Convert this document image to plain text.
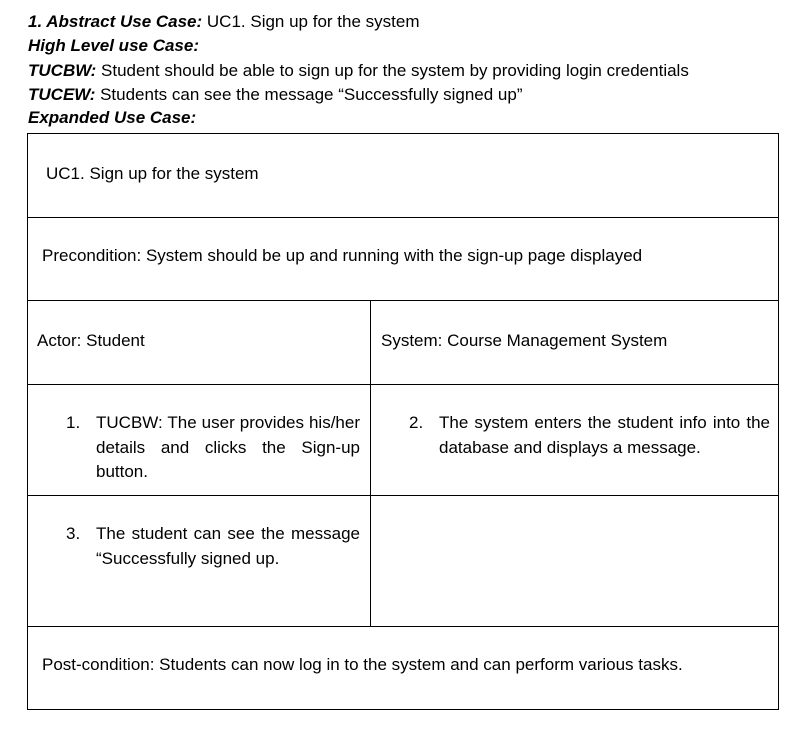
1. Abstract Use Case: UC1. Sign up for the system
High Level use Case:
TUCBW: Student should be able to sign up for the system by providing login credentials
TUCEW: Students can see the message “Successfully signed up”
Expanded Use Case:
UC1. Sign up for the system
Precondition: System should be up and running with the sign-up page displayed
Actor: Student	System: Course Management System
1. TUCBW: The user provides his/her details and clicks the Sign-up button.
2. The system enters the student info into the database and displays a message.
3. The student can see the message “Successfully signed up.
Post-condition: Students can now log in to the system and can perform various tasks.
